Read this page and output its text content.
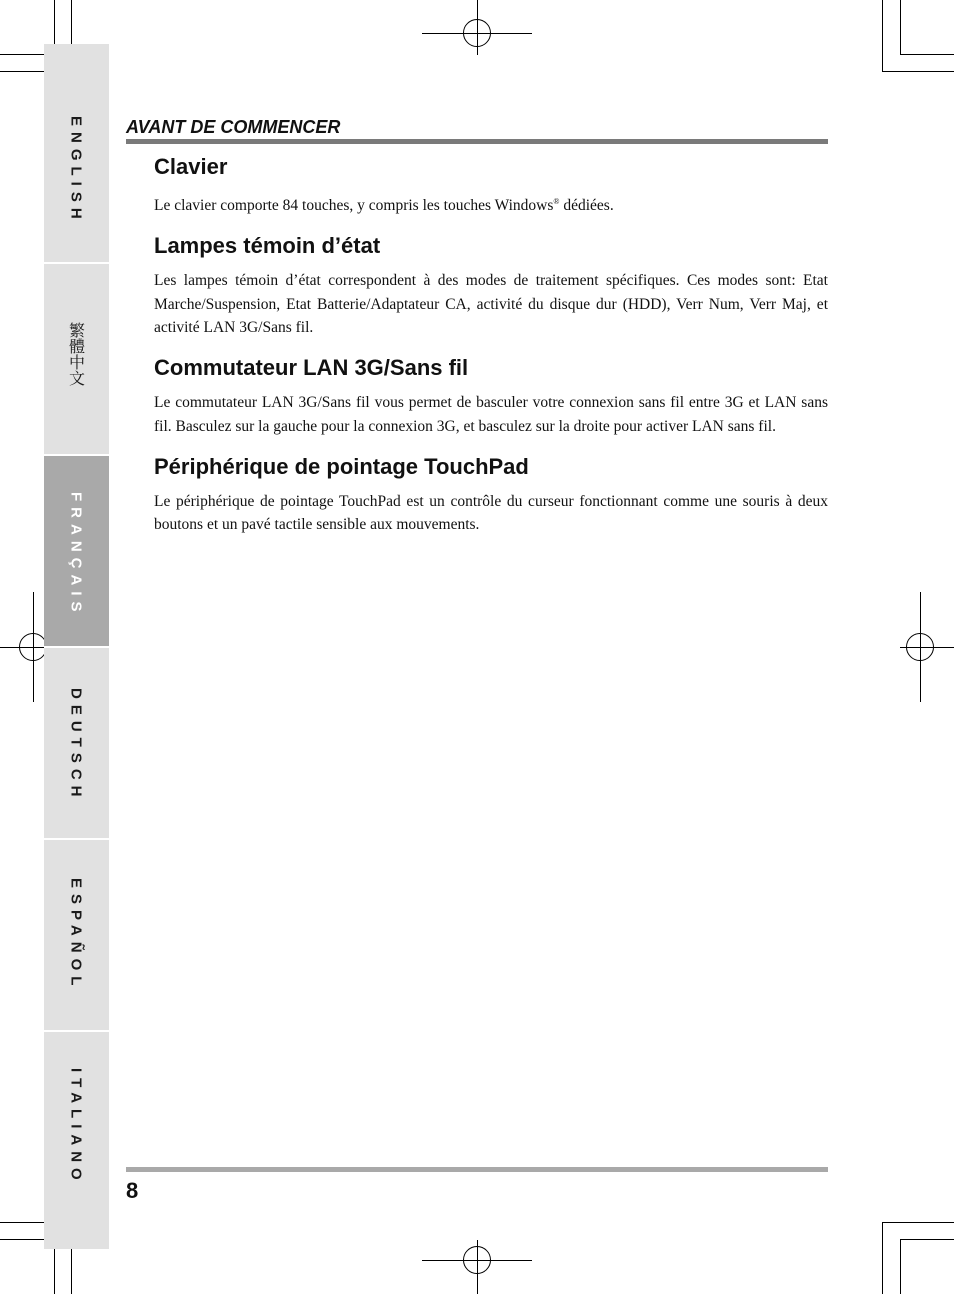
ENGLISH
繁體中文
FRANÇAIS
DEUTSCH
ESPAÑOL
ITALIANO
AVANT DE COMMENCER
Clavier

Le clavier comporte 84 touches, y compris les touches Windows® dédiées.

Lampes témoin d’état

Les lampes témoin d’état correspondent à des modes de traitement spécifiques. Ces modes sont: Etat Marche/Suspension, Etat Batterie/Adaptateur CA, activité du disque dur (HDD), Verr Num, Verr Maj, et activité LAN 3G/Sans fil.

Commutateur LAN 3G/Sans fil

Le commutateur LAN 3G/Sans fil vous permet de basculer votre connexion sans fil entre 3G et LAN sans fil. Basculez sur la gauche pour la connexion 3G, et basculez sur la droite pour activer LAN sans fil.

Périphérique de pointage TouchPad

Le périphérique de pointage TouchPad est un contrôle du curseur fonctionnant comme une souris à deux boutons et un pavé tactile sensible aux mouvements.

8
